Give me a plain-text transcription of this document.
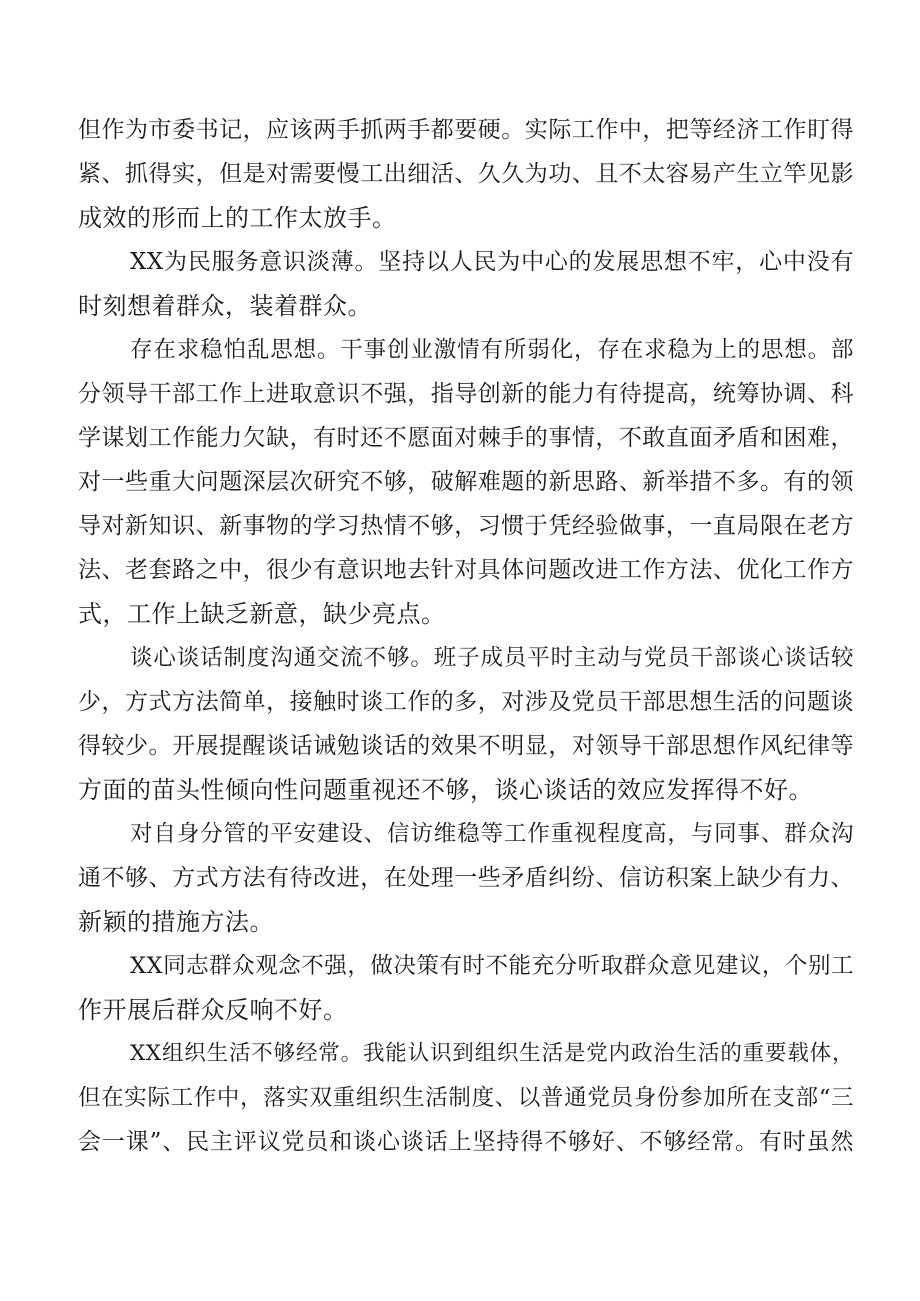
但作为市委书记，应该两手抓两手都要硬。实际工作中，把等经济工作盯得
紧、抓得实，但是对需要慢工出细活、久久为功、且不太容易产生立竿见影
成效的形而上的工作太放手。
XX为民服务意识淡薄。坚持以人民为中心的发展思想不牢，心中没有
时刻想着群众，装着群众。
存在求稳怕乱思想。干事创业激情有所弱化，存在求稳为上的思想。部
分领导干部工作上进取意识不强，指导创新的能力有待提高，统筹协调、科
学谋划工作能力欠缺，有时还不愿面对棘手的事情，不敢直面矛盾和困难，
对一些重大问题深层次研究不够，破解难题的新思路、新举措不多。有的领
导对新知识、新事物的学习热情不够，习惯于凭经验做事，一直局限在老方
法、老套路之中，很少有意识地去针对具体问题改进工作方法、优化工作方
式，工作上缺乏新意，缺少亮点。
谈心谈话制度沟通交流不够。班子成员平时主动与党员干部谈心谈话较
少，方式方法简单，接触时谈工作的多，对涉及党员干部思想生活的问题谈
得较少。开展提醒谈话诫勉谈话的效果不明显，对领导干部思想作风纪律等
方面的苗头性倾向性问题重视还不够，谈心谈话的效应发挥得不好。
对自身分管的平安建设、信访维稳等工作重视程度高，与同事、群众沟
通不够、方式方法有待改进，在处理一些矛盾纠纷、信访积案上缺少有力、
新颖的措施方法。
XX同志群众观念不强，做决策有时不能充分听取群众意见建议，个别工
作开展后群众反响不好。
XX组织生活不够经常。我能认识到组织生活是党内政治生活的重要载体，
但在实际工作中，落实双重组织生活制度、以普通党员身份参加所在支部“三
会一课”、民主评议党员和谈心谈话上坚持得不够好、不够经常。有时虽然
